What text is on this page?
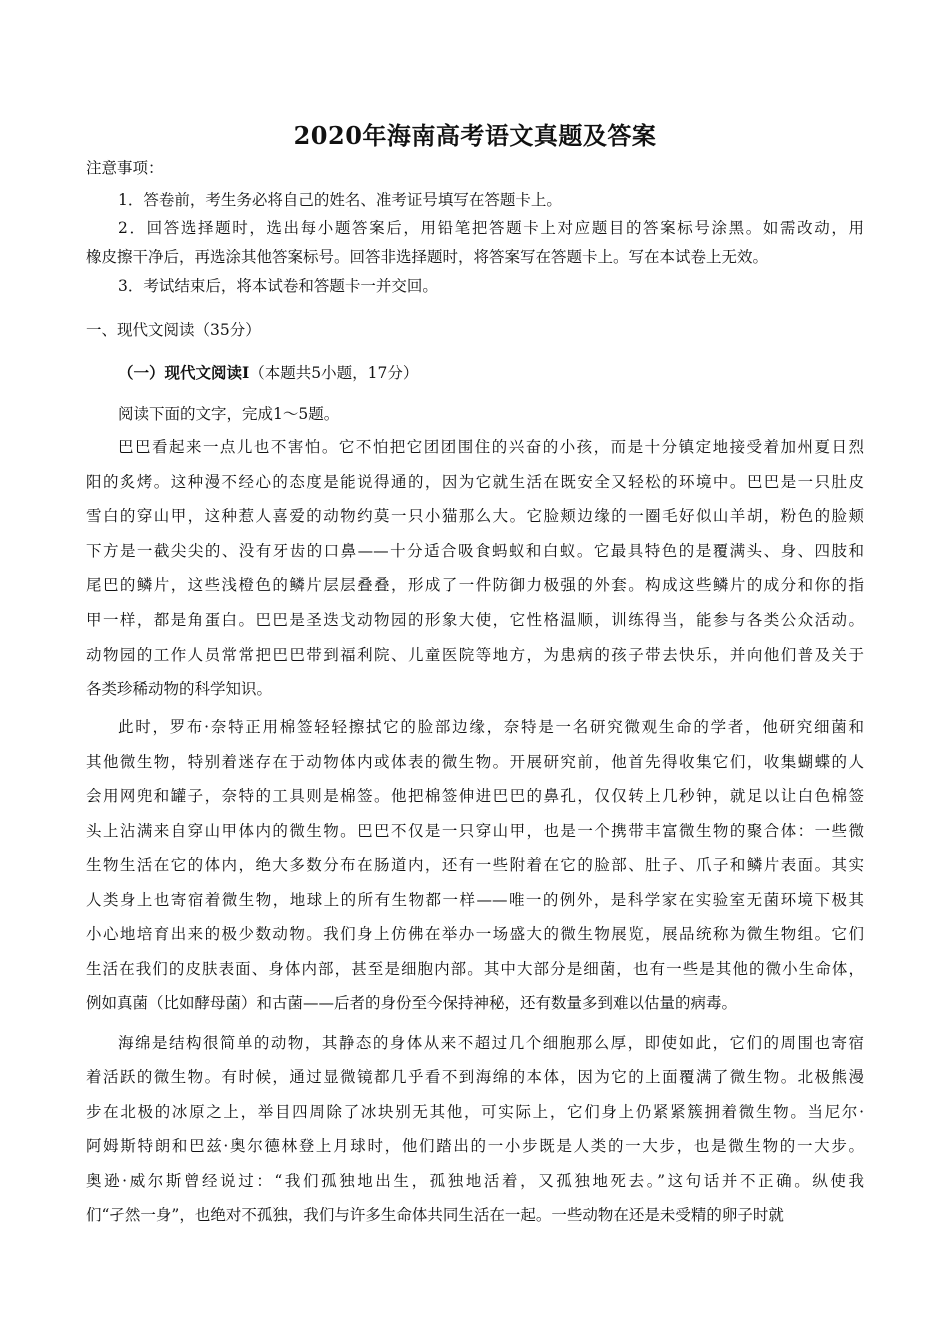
2020年海南高考语文真题及答案
注意事项：
1．答卷前，考生务必将自己的姓名、准考证号填写在答题卡上。
2．回答选择题时，选出每小题答案后，用铅笔把答题卡上对应题目的答案标号涂黑。如需改动，用
橡皮擦干净后，再选涂其他答案标号。回答非选择题时，将答案写在答题卡上。写在本试卷上无效。
3．考试结束后，将本试卷和答题卡一并交回。
一、现代文阅读（35分）
（一）现代文阅读Ⅰ（本题共5小题，17分）
阅读下面的文字，完成1～5题。
巴巴看起来一点儿也不害怕。它不怕把它团团围住的兴奋的小孩，而是十分镇定地接受着加州夏日烈
阳的炙烤。这种漫不经心的态度是能说得通的，因为它就生活在既安全又轻松的环境中。巴巴是一只肚皮
雪白的穿山甲，这种惹人喜爱的动物约莫一只小猫那么大。它脸颊边缘的一圈毛好似山羊胡，粉色的脸颊
下方是一截尖尖的、没有牙齿的口鼻——十分适合吸食蚂蚁和白蚁。它最具特色的是覆满头、身、四肢和
尾巴的鳞片，这些浅橙色的鳞片层层叠叠，形成了一件防御力极强的外套。构成这些鳞片的成分和你的指
甲一样，都是角蛋白。巴巴是圣迭戈动物园的形象大使，它性格温顺，训练得当，能参与各类公众活动。
动物园的工作人员常常把巴巴带到福利院、儿童医院等地方，为患病的孩子带去快乐，并向他们普及关于
各类珍稀动物的科学知识。
此时，罗布·奈特正用棉签轻轻擦拭它的脸部边缘，奈特是一名研究微观生命的学者，他研究细菌和
其他微生物，特别着迷存在于动物体内或体表的微生物。开展研究前，他首先得收集它们，收集蝴蝶的人
会用网兜和罐子，奈特的工具则是棉签。他把棉签伸进巴巴的鼻孔，仅仅转上几秒钟，就足以让白色棉签
头上沾满来自穿山甲体内的微生物。巴巴不仅是一只穿山甲，也是一个携带丰富微生物的聚合体：一些微
生物生活在它的体内，绝大多数分布在肠道内，还有一些附着在它的脸部、肚子、爪子和鳞片表面。其实
人类身上也寄宿着微生物，地球上的所有生物都一样——唯一的例外，是科学家在实验室无菌环境下极其
小心地培育出来的极少数动物。我们身上仿佛在举办一场盛大的微生物展览，展品统称为微生物组。它们
生活在我们的皮肤表面、身体内部，甚至是细胞内部。其中大部分是细菌，也有一些是其他的微小生命体，
例如真菌（比如酵母菌）和古菌——后者的身份至今保持神秘，还有数量多到难以估量的病毒。
海绵是结构很简单的动物，其静态的身体从来不超过几个细胞那么厚，即使如此，它们的周围也寄宿
着活跃的微生物。有时候，通过显微镜都几乎看不到海绵的本体，因为它的上面覆满了微生物。北极熊漫
步在北极的冰原之上，举目四周除了冰块别无其他，可实际上，它们身上仍紧紧簇拥着微生物。当尼尔·
阿姆斯特朗和巴兹·奥尔德林登上月球时，他们踏出的一小步既是人类的一大步，也是微生物的一大步。
奥逊·威尔斯曾经说过：“我们孤独地出生，孤独地活着，又孤独地死去。”这句话并不正确。纵使我
们“孑然一身”，也绝对不孤独，我们与许多生命体共同生活在一起。一些动物在还是未受精的卵子时就
